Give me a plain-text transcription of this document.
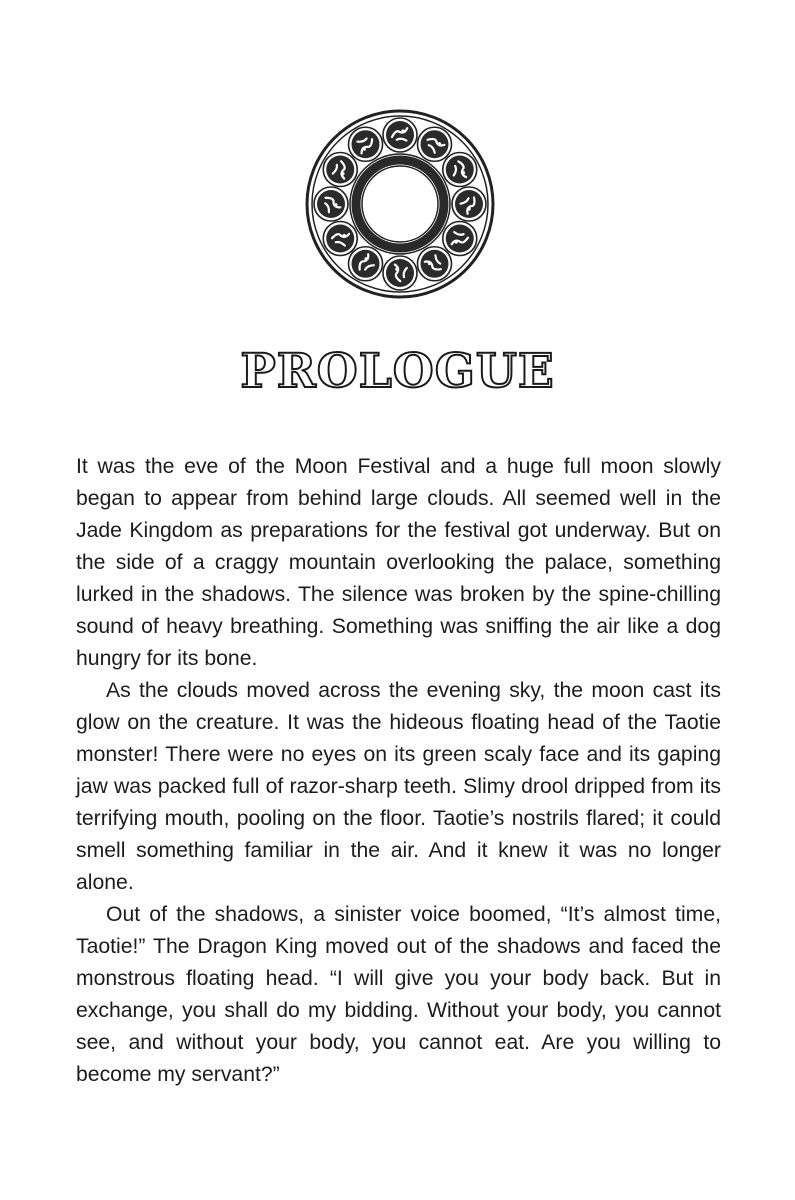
PROLOGUE

It was the eve of the Moon Festival and a huge full moon slowly began to appear from behind large clouds. All seemed well in the Jade Kingdom as preparations for the festival got underway. But on the side of a craggy mountain overlooking the palace, something lurked in the shadows. The silence was broken by the spine-chilling sound of heavy breathing. Something was sniffing the air like a dog hungry for its bone.

As the clouds moved across the evening sky, the moon cast its glow on the creature. It was the hideous floating head of the Taotie monster! There were no eyes on its green scaly face and its gaping jaw was packed full of razor-sharp teeth. Slimy drool dripped from its terrifying mouth, pooling on the floor. Taotie’s nostrils flared; it could smell something familiar in the air. And it knew it was no longer alone.

Out of the shadows, a sinister voice boomed, “It’s almost time, Taotie!” The Dragon King moved out of the shadows and faced the monstrous floating head. “I will give you your body back. But in exchange, you shall do my bidding. Without your body, you cannot see, and without your body, you cannot eat. Are you willing to become my servant?”
